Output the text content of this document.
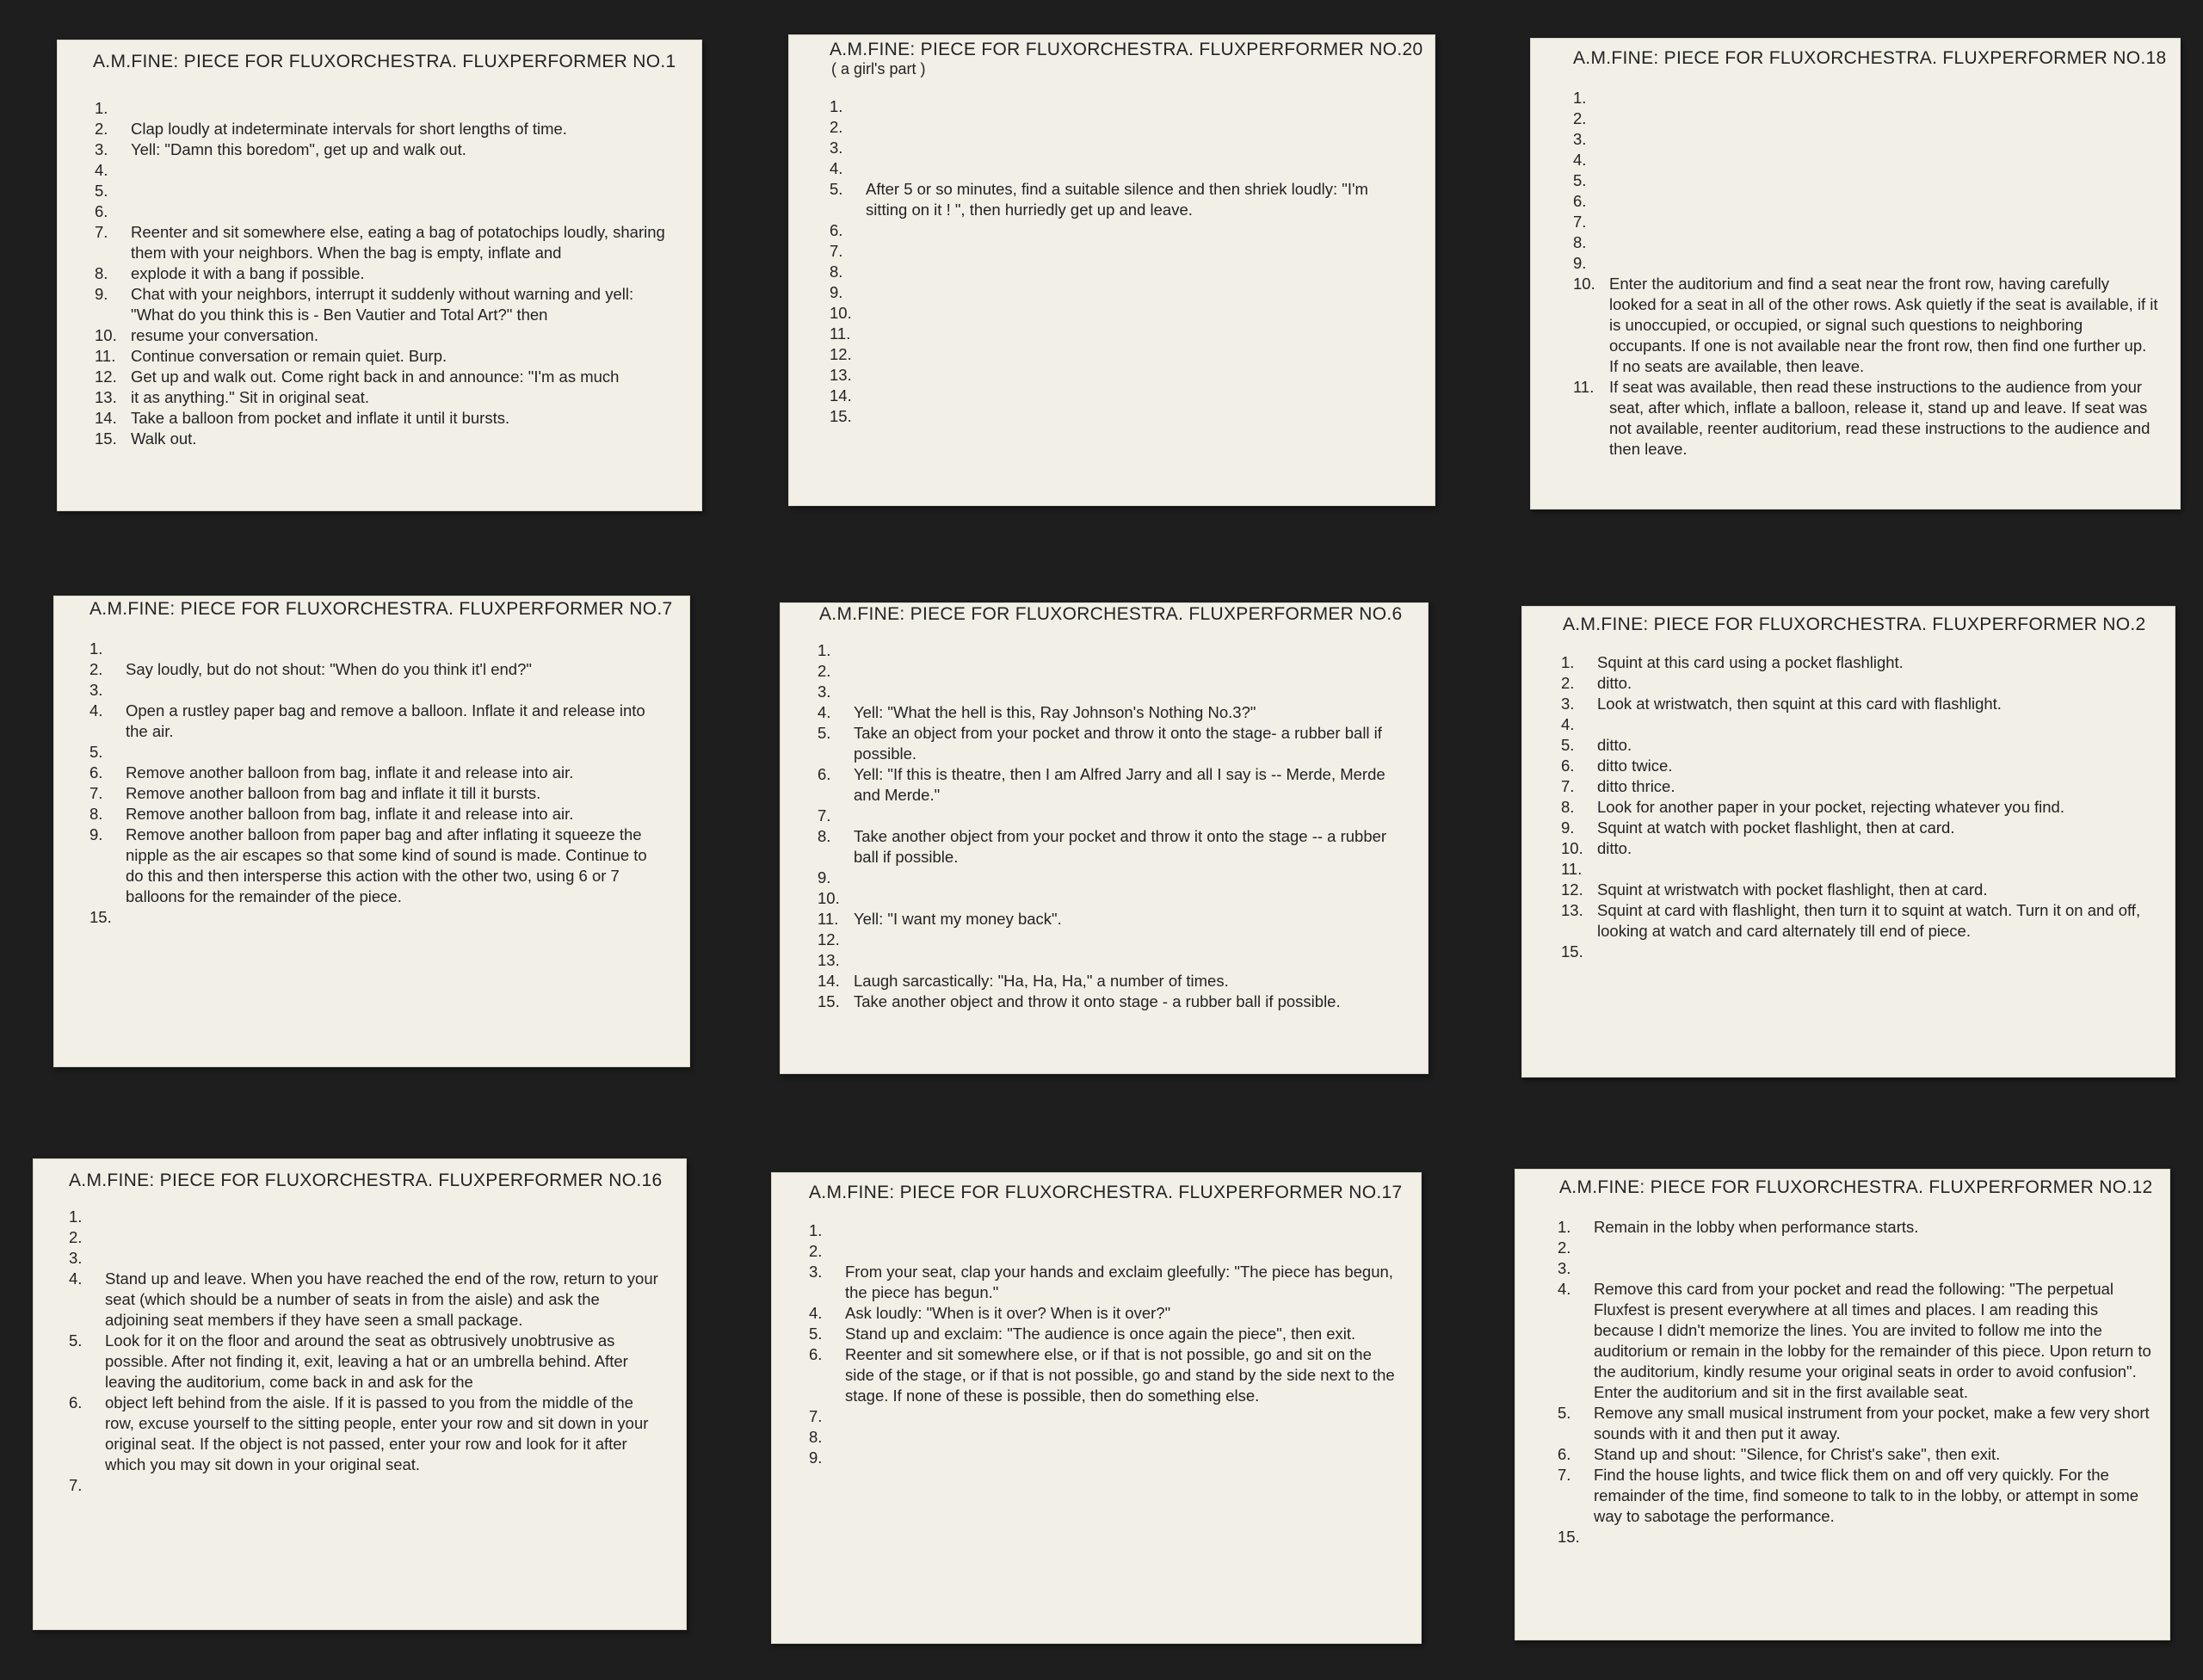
A.M.FINE: PIECE FOR FLUXORCHESTRA. FLUXPERFORMER NO.1
1.
2.	Clap loudly at indeterminate intervals for short lengths of time.
3.	Yell: "Damn this boredom", get up and walk out.
4.
5.
6.
7.	Reenter and sit somewhere else, eating a bag of potatochips loudly, sharing them with your neighbors. When the bag is empty, inflate and
8.	explode it with a bang if possible.
9.	Chat with your neighbors, interrupt it suddenly without warning and yell: "What do you think this is - Ben Vautier and Total Art?" then
10. resume your conversation.
11. Continue conversation or remain quiet. Burp.
12. Get up and walk out. Come right back in and announce: "I'm as much
13. it as anything." Sit in original seat.
14. Take a balloon from pocket and inflate it until it bursts.
15. Walk out.
A.M.FINE: PIECE FOR FLUXORCHESTRA. FLUXPERFORMER NO.20
( a girl's part )
1.
2.
3.
4.
5.	After 5 or so minutes, find a suitable silence and then shriek loudly: "I'm sitting on it ! ", then hurriedly get up and leave.
6.
7.
8.
9.
10.
11.
12.
13.
14.
15.
A.M.FINE: PIECE FOR FLUXORCHESTRA. FLUXPERFORMER NO.18
1.
2.
3.
4.
5.
6.
7.
8.
9.
10. Enter the auditorium and find a seat near the front row, having carefully looked for a seat in all of the other rows. Ask quietly if the seat is available, if it is unoccupied, or occupied, or signal such questions to neighboring occupants. If one is not available near the front row, then find one further up. If no seats are available, then leave.
11. If seat was available, then read these instructions to the audience from your seat, after which, inflate a balloon, release it, stand up and leave. If seat was not available, reenter auditorium, read these instructions to the audience and then leave.
A.M.FINE: PIECE FOR FLUXORCHESTRA. FLUXPERFORMER NO.7
1.
2.	Say loudly, but do not shout: "When do you think it'l end?"
3.
4.	Open a rustley paper bag and remove a balloon. Inflate it and release into the air.
5.
6.	Remove another balloon from bag, inflate it and release into air.
7.	Remove another balloon from bag and inflate it till it bursts.
8.	Remove another balloon from bag, inflate it and release into air.
9.	Remove another balloon from paper bag and after inflating it squeeze the nipple as the air escapes so that some kind of sound is made. Continue to do this and then intersperse this action with the other two, using 6 or 7 balloons for the remainder of the piece.
15.
A.M.FINE: PIECE FOR FLUXORCHESTRA. FLUXPERFORMER NO.6
1.
2.
3.
4.	Yell: "What the hell is this, Ray Johnson's Nothing No.3?"
5.	Take an object from your pocket and throw it onto the stage- a rubber ball if possible.
6.	Yell: "If this is theatre, then I am Alfred Jarry and all I say is -- Merde, Merde and Merde."
7.
8.	Take another object from your pocket and throw it onto the stage -- a rubber ball if possible.
9.
10.
11. Yell: "I want my money back".
12.
13.
14. Laugh sarcastically: "Ha, Ha, Ha," a number of times.
15. Take another object and throw it onto stage - a rubber ball if possible.
A.M.FINE: PIECE FOR FLUXORCHESTRA. FLUXPERFORMER NO.2
1.	Squint at this card using a pocket flashlight.
2.	ditto.
3.	Look at wristwatch, then squint at this card with flashlight.
4.
5.	ditto.
6.	ditto twice.
7.	ditto thrice.
8.	Look for another paper in your pocket, rejecting whatever you find.
9.	Squint at watch with pocket flashlight, then at card.
10. ditto.
11.
12. Squint at wristwatch with pocket flashlight, then at card.
13. Squint at card with flashlight, then turn it to squint at watch. Turn it on and off, looking at watch and card alternately till end of piece.
15.
A.M.FINE: PIECE FOR FLUXORCHESTRA. FLUXPERFORMER NO.16
1.
2.
3.
4.	Stand up and leave. When you have reached the end of the row, return to your seat (which should be a number of seats in from the aisle) and ask the adjoining seat members if they have seen a small package.
5.	Look for it on the floor and around the seat as obtrusively unobtrusive as possible. After not finding it, exit, leaving a hat or an umbrella behind. After leaving the auditorium, come back in and ask for the
6.	object left behind from the aisle. If it is passed to you from the middle of the row, excuse yourself to the sitting people, enter your row and sit down in your original seat. If the object is not passed, enter your row and look for it after which you may sit down in your original seat.
7.
A.M.FINE: PIECE FOR FLUXORCHESTRA. FLUXPERFORMER NO.17
1.
2.
3.	From your seat, clap your hands and exclaim gleefully: "The piece has begun, the piece has begun."
4.	Ask loudly: "When is it over? When is it over?"
5.	Stand up and exclaim: "The audience is once again the piece", then exit.
6.	Reenter and sit somewhere else, or if that is not possible, go and sit on the side of the stage, or if that is not possible, go and stand by the side next to the stage. If none of these is possible, then do something else.
7.
8.
9.
A.M.FINE: PIECE FOR FLUXORCHESTRA. FLUXPERFORMER NO.12
1.	Remain in the lobby when performance starts.
2.
3.
4.	Remove this card from your pocket and read the following: "The perpetual Fluxfest is present everywhere at all times and places. I am reading this because I didn't memorize the lines. You are invited to follow me into the auditorium or remain in the lobby for the remainder of this piece. Upon return to the auditorium, kindly resume your original seats in order to avoid confusion". Enter the auditorium and sit in the first available seat.
5.	Remove any small musical instrument from your pocket, make a few very short sounds with it and then put it away.
6.	Stand up and shout: "Silence, for Christ's sake", then exit.
7.	Find the house lights, and twice flick them on and off very quickly. For the remainder of the time, find someone to talk to in the lobby, or attempt in some way to sabotage the performance.
15.
